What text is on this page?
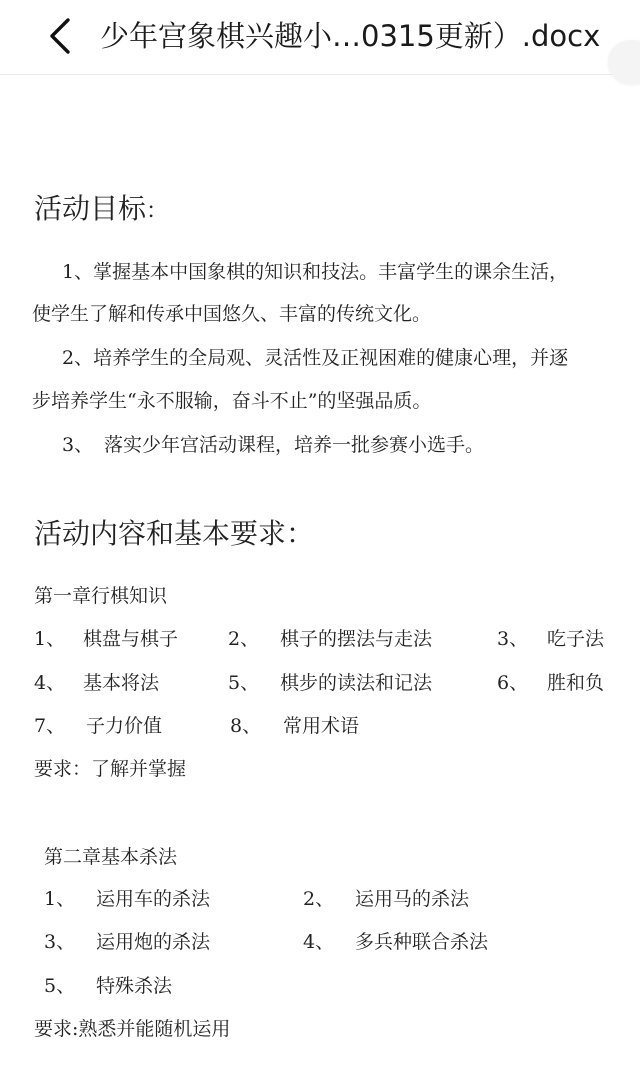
少年宫象棋兴趣小…0315更新）.docx
活动目标：
1、掌握基本中国象棋的知识和技法。丰富学生的课余生活，
使学生了解和传承中国悠久、丰富的传统文化。
2、培养学生的全局观、灵活性及正视困难的健康心理，并逐
步培养学生“永不服输，奋斗不止”的坚强品质。
3、 落实少年宫活动课程，培养一批参赛小选手。
活动内容和基本要求：
第一章行棋知识
1、 棋盘与棋子	2、 棋子的摆法与走法	3、 吃子法
4、 基本将法	5、 棋步的读法和记法	6、 胜和负
7、 子力价值	8、 常用术语
要求：了解并掌握
第二章基本杀法
1、 运用车的杀法	2、 运用马的杀法
3、 运用炮的杀法	4、 多兵种联合杀法
5、 特殊杀法
要求:熟悉并能随机运用
